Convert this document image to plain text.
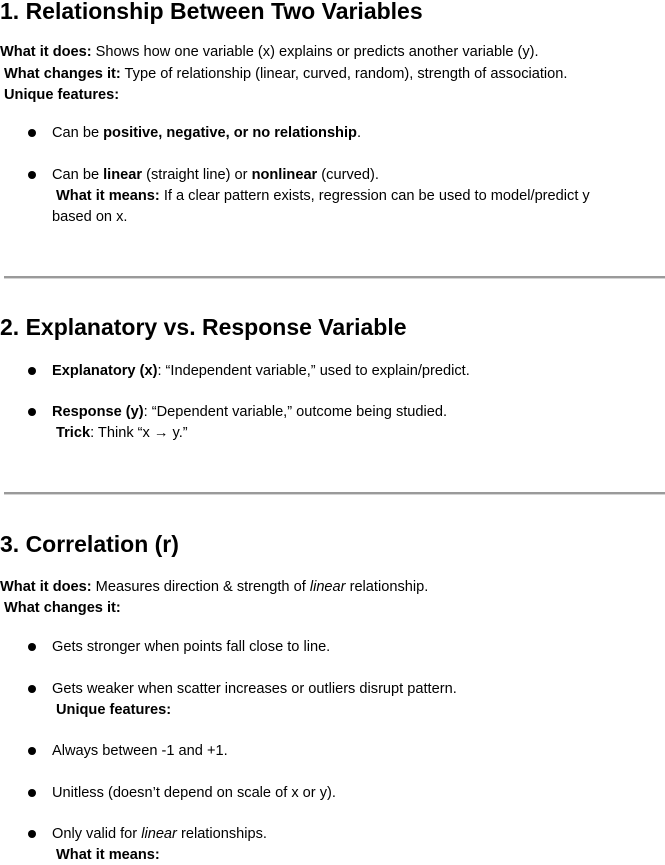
1. Relationship Between Two Variables

What it does: Shows how one variable (x) explains or predicts another variable (y).

What changes it: Type of relationship (linear, curved, random), strength of association.

Unique features:

Can be positive, negative, or no relationship.

Can be linear (straight line) or nonlinear (curved).

What it means: If a clear pattern exists, regression can be used to model/predict y

based on x.

2. Explanatory vs. Response Variable

Explanatory (x): “Independent variable,” used to explain/predict.

Response (y): “Dependent variable,” outcome being studied.

Trick: Think “x → y.”

3. Correlation (r)

What it does: Measures direction & strength of linear relationship.

What changes it:

Gets stronger when points fall close to line.

Gets weaker when scatter increases or outliers disrupt pattern.

Unique features:

Always between -1 and +1.

Unitless (doesn’t depend on scale of x or y).

Only valid for linear relationships.

What it means:
